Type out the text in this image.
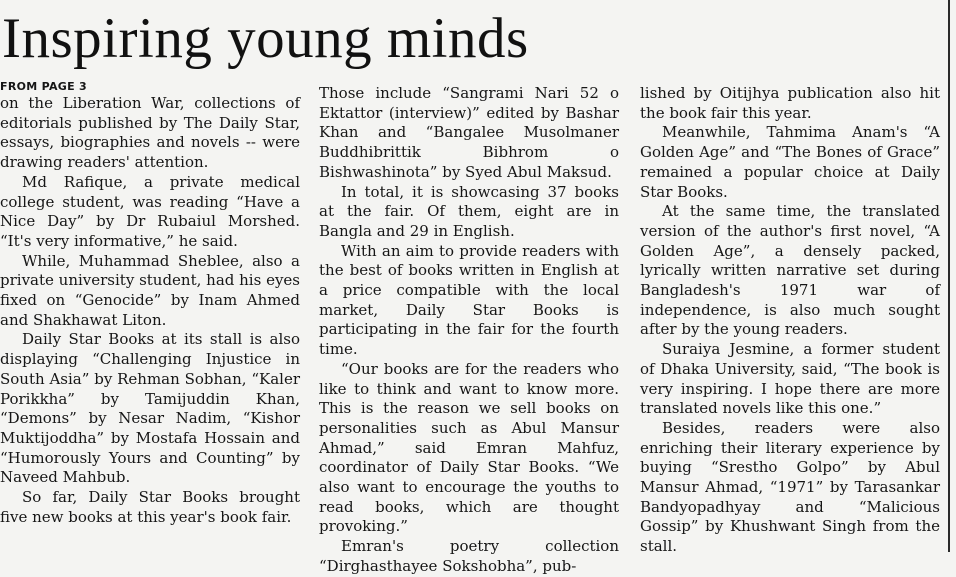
Inspiring young minds
FROM PAGE 3

on the Liberation War, collections of editorials published by The Daily Star, essays, biographies and novels -- were drawing readers' attention.

Md Rafique, a private medical college student, was reading “Have a Nice Day” by Dr Rubaiul Morshed. “It's very informative,” he said.

While, Muhammad Sheblee, also a private university student, had his eyes fixed on “Genocide” by Inam Ahmed and Shakhawat Liton.

Daily Star Books at its stall is also displaying “Challenging Injustice in South Asia” by Rehman Sobhan, “Kaler Porikkha” by Tamijuddin Khan, “Demons” by Nesar Nadim, “Kishor Muktijoddha” by Mostafa Hossain and “Humorously Yours and Counting” by Naveed Mahbub.

So far, Daily Star Books brought five new books at this year's book fair.

Those include “Sangrami Nari 52 o Ektattor (interview)” edited by Bashar Khan and “Bangalee Musolmaner Buddhibrittik Bibhrom o Bishwashinota” by Syed Abul Maksud.

In total, it is showcasing 37 books at the fair. Of them, eight are in Bangla and 29 in English.

With an aim to provide readers with the best of books written in English at a price compatible with the local market, Daily Star Books is participating in the fair for the fourth time.

“Our books are for the readers who like to think and want to know more. This is the reason we sell books on personalities such as Abul Mansur Ahmad,” said Emran Mahfuz, coordinator of Daily Star Books. “We also want to encourage the youths to read books, which are thought provoking.”

Emran's poetry collection “Dirghasthayee Sokshobha”, pub-

lished by Oitijhya publication also hit the book fair this year.

Meanwhile, Tahmima Anam's “A Golden Age” and “The Bones of Grace” remained a popular choice at Daily Star Books.

At the same time, the translated version of the author's first novel, “A Golden Age”, a densely packed, lyrically written narrative set during Bangladesh's 1971 war of independence, is also much sought after by the young readers.

Suraiya Jesmine, a former student of Dhaka University, said, “The book is very inspiring. I hope there are more translated novels like this one.”

Besides, readers were also enriching their literary experience by buying “Srestho Golpo” by Abul Mansur Ahmad, “1971” by Tarasankar Bandyopadhyay and “Malicious Gossip” by Khushwant Singh from the stall.
